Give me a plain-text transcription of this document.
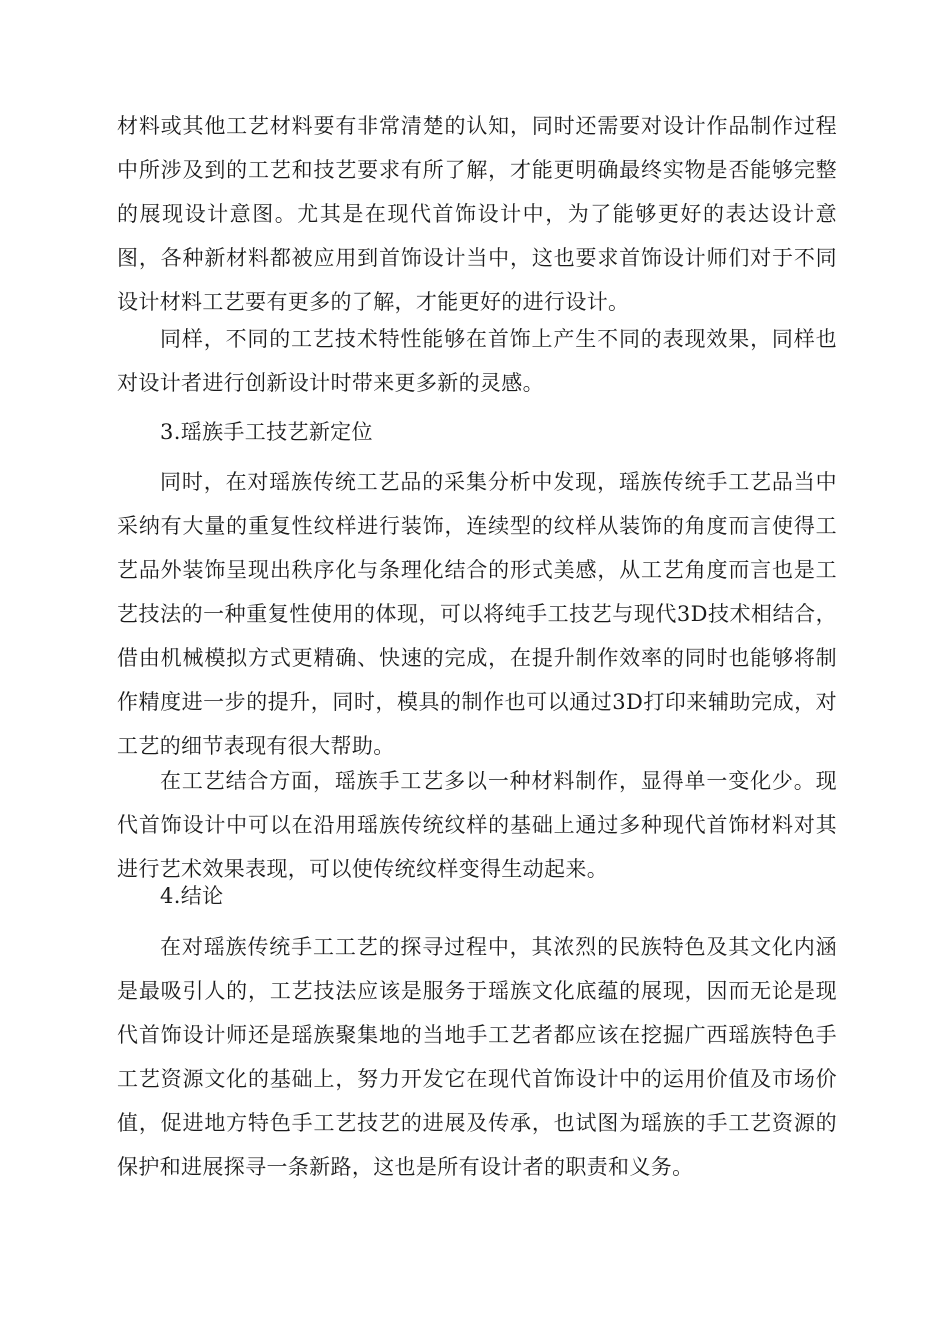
材料或其他工艺材料要有非常清楚的认知，同时还需要对设计作品制作过程中所涉及到的工艺和技艺要求有所了解，才能更明确最终实物是否能够完整的展现设计意图。尤其是在现代首饰设计中，为了能够更好的表达设计意图，各种新材料都被应用到首饰设计当中，这也要求首饰设计师们对于不同设计材料工艺要有更多的了解，才能更好的进行设计。

同样，不同的工艺技术特性能够在首饰上产生不同的表现效果，同样也对设计者进行创新设计时带来更多新的灵感。

3.瑶族手工技艺新定位

同时，在对瑶族传统工艺品的采集分析中发现，瑶族传统手工艺品当中采纳有大量的重复性纹样进行装饰，连续型的纹样从装饰的角度而言使得工艺品外装饰呈现出秩序化与条理化结合的形式美感，从工艺角度而言也是工艺技法的一种重复性使用的体现，可以将纯手工技艺与现代3D技术相结合，借由机械模拟方式更精确、快速的完成，在提升制作效率的同时也能够将制作精度进一步的提升，同时，模具的制作也可以通过3D打印来辅助完成，对工艺的细节表现有很大帮助。

在工艺结合方面，瑶族手工艺多以一种材料制作，显得单一变化少。现代首饰设计中可以在沿用瑶族传统纹样的基础上通过多种现代首饰材料对其进行艺术效果表现，可以使传统纹样变得生动起来。

4.结论

在对瑶族传统手工工艺的探寻过程中，其浓烈的民族特色及其文化内涵是最吸引人的，工艺技法应该是服务于瑶族文化底蕴的展现，因而无论是现代首饰设计师还是瑶族聚集地的当地手工艺者都应该在挖掘广西瑶族特色手工艺资源文化的基础上，努力开发它在现代首饰设计中的运用价值及市场价值，促进地方特色手工艺技艺的进展及传承，也试图为瑶族的手工艺资源的保护和进展探寻一条新路，这也是所有设计者的职责和义务。
